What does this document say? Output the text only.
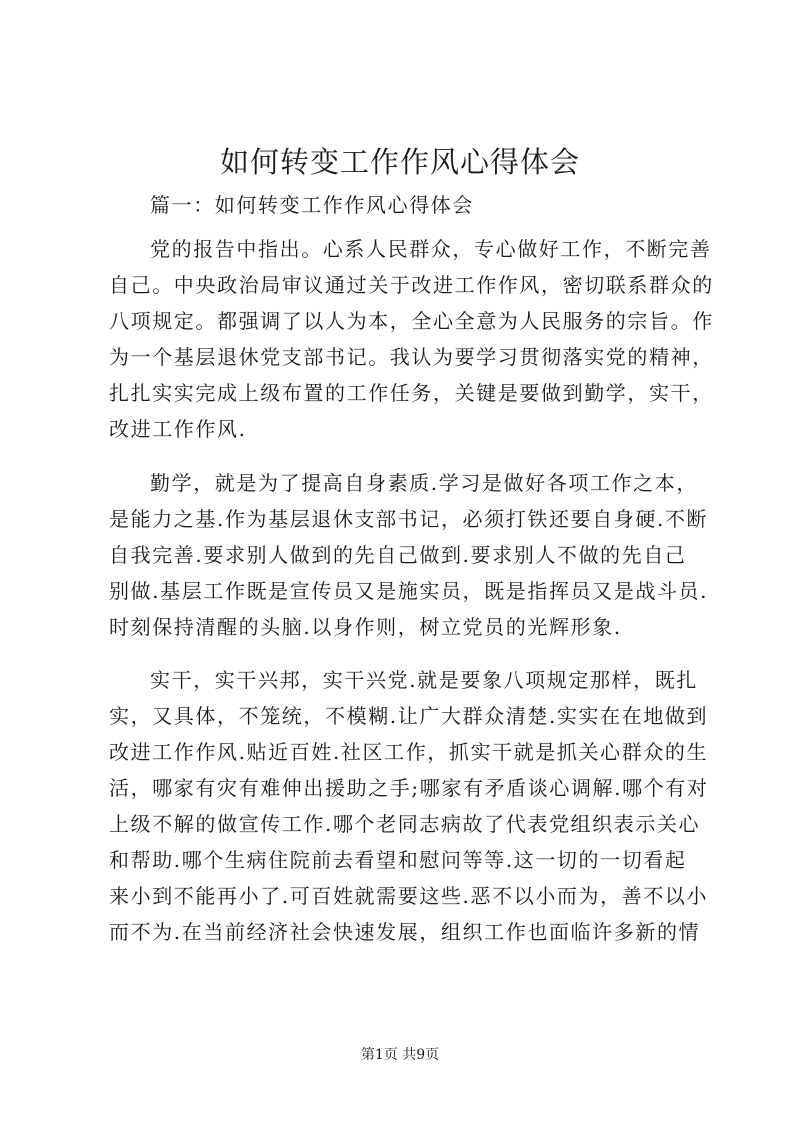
如何转变工作作风心得体会
篇一：如何转变工作作风心得体会
党的报告中指出。心系人民群众，专心做好工作，不断完善
自己。中央政治局审议通过关于改进工作作风，密切联系群众的
八项规定。都强调了以人为本，全心全意为人民服务的宗旨。作
为一个基层退休党支部书记。我认为要学习贯彻落实党的精神，
扎扎实实完成上级布置的工作任务，关键是要做到勤学，实干，
改进工作作风.
勤学，就是为了提高自身素质.学习是做好各项工作之本，
是能力之基.作为基层退休支部书记，必须打铁还要自身硬.不断
自我完善.要求别人做到的先自己做到.要求别人不做的先自己
别做.基层工作既是宣传员又是施实员，既是指挥员又是战斗员.
时刻保持清醒的头脑.以身作则，树立党员的光辉形象.
实干，实干兴邦，实干兴党.就是要象八项规定那样，既扎
实，又具体，不笼统，不模糊.让广大群众清楚.实实在在地做到
改进工作作风.贴近百姓.社区工作，抓实干就是抓关心群众的生
活，哪家有灾有难伸出援助之手;哪家有矛盾谈心调解.哪个有对
上级不解的做宣传工作.哪个老同志病故了代表党组织表示关心
和帮助.哪个生病住院前去看望和慰问等等.这一切的一切看起
来小到不能再小了.可百姓就需要这些.恶不以小而为，善不以小
而不为.在当前经济社会快速发展，组织工作也面临许多新的情
第1页 共9页
